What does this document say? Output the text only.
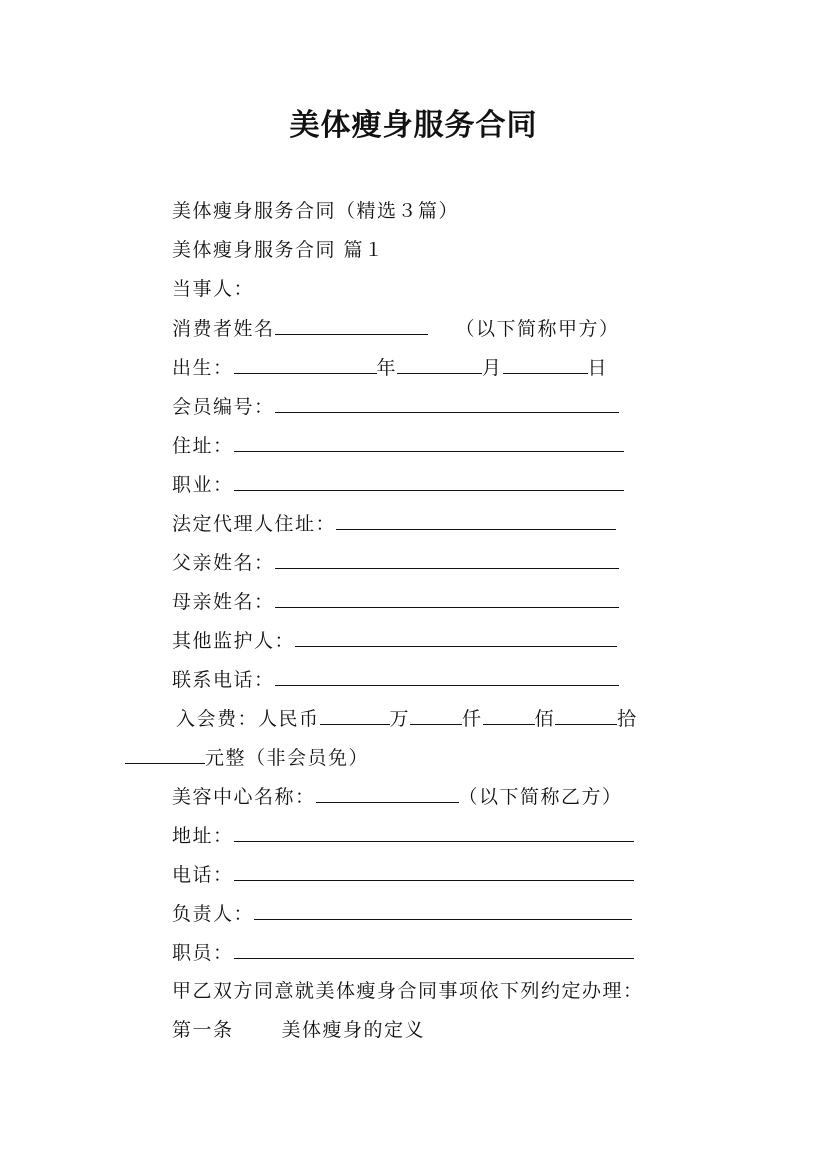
美体瘦身服务合同
美体瘦身服务合同（精选３篇）
美体瘦身服务合同 篇１
当事人：
消费者姓名	（以下简称甲方）
出生：	年	月	日
会员编号：
住址：
职业：
法定代理人住址：
父亲姓名：
母亲姓名：
其他监护人：
联系电话：
入会费：人民币	万	仟	佰	拾
元整（非会员免）
美容中心名称：	（以下简称乙方）
地址：
电话：
负责人：
职员：
甲乙双方同意就美体瘦身合同事项依下列约定办理：
第一条	美体瘦身的定义
